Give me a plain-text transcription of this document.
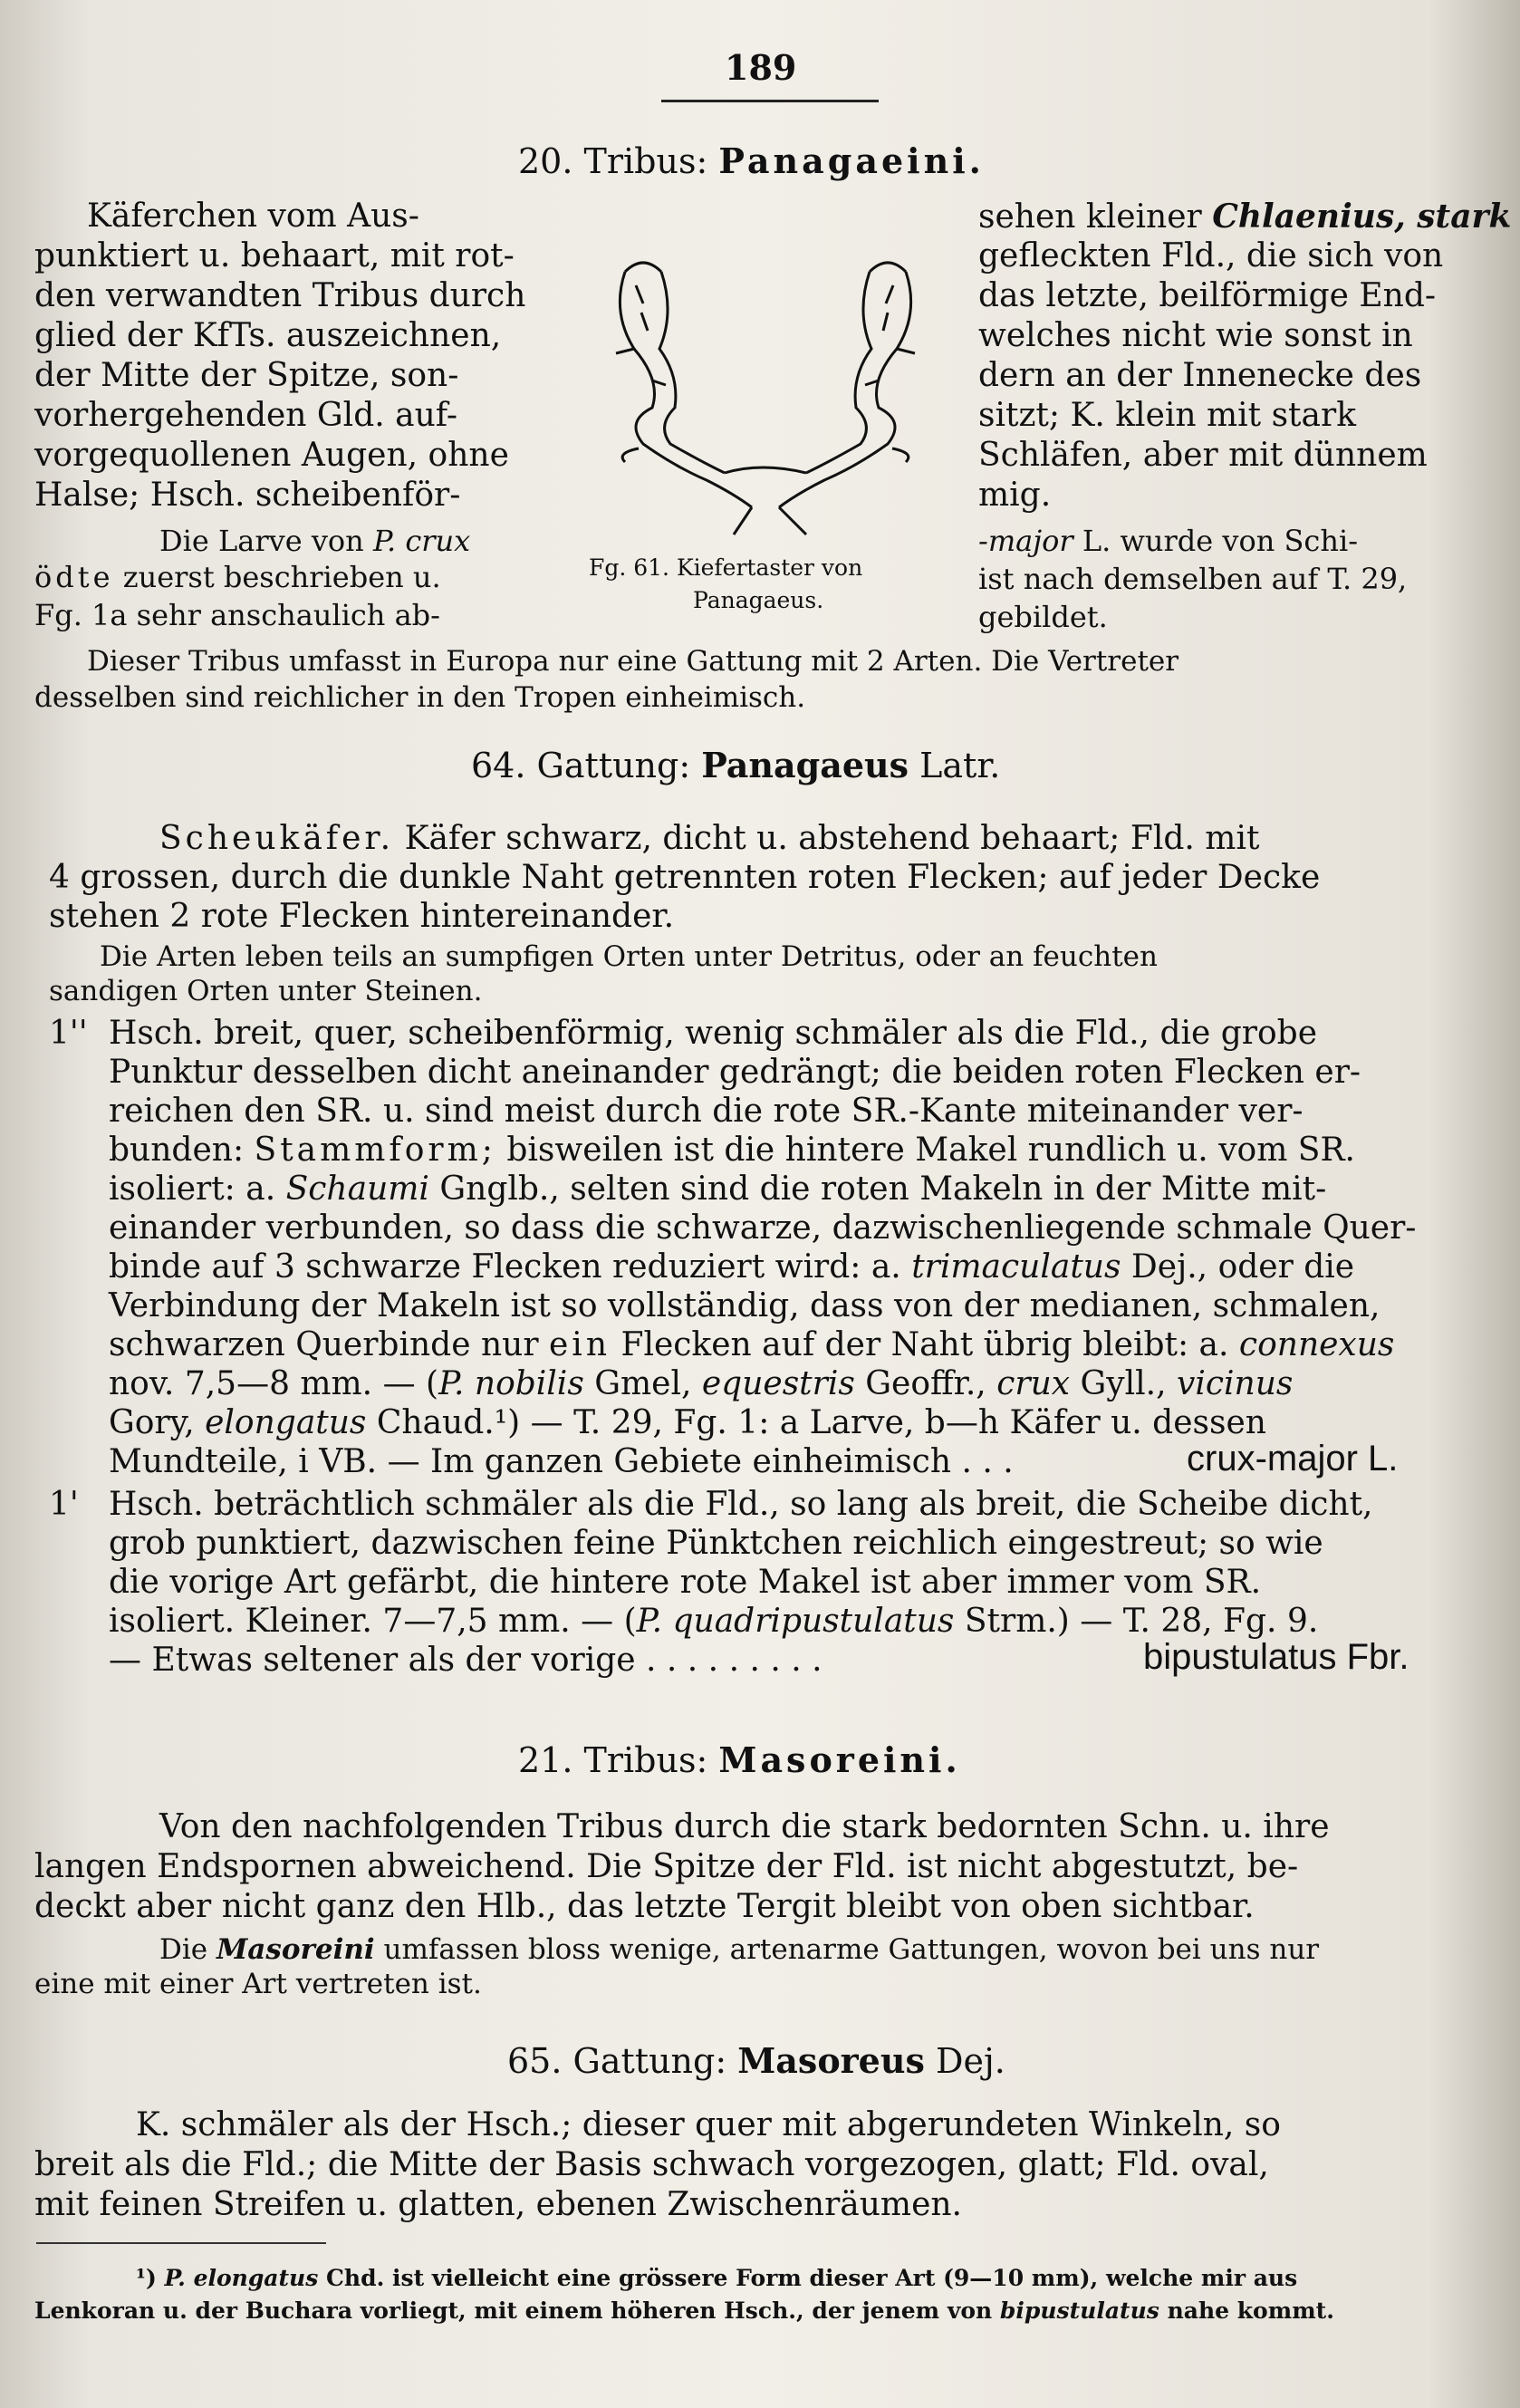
189
20. Tribus: Panagaeini.
Käferchen vom Aus-
punktiert u. behaart, mit rot-
den verwandten Tribus durch
glied der KfTs. auszeichnen,
der Mitte der Spitze, son-
vorhergehenden Gld. auf-
vorgequollenen Augen, ohne
Halse; Hsch. scheibenför-
Die Larve von P. crux
ödte zuerst beschrieben u.
Fg. 1a sehr anschaulich ab-
Fg. 61. Kiefertaster von
Panagaeus.
sehen kleiner Chlaenius, stark
gefleckten Fld., die sich von
das letzte, beilförmige End-
welches nicht wie sonst in
dern an der Innenecke des
sitzt; K. klein mit stark
Schläfen, aber mit dünnem
mig.
-major L. wurde von Schi-
ist nach demselben auf T. 29,
gebildet.
Dieser Tribus umfasst in Europa nur eine Gattung mit 2 Arten. Die Vertreter
desselben sind reichlicher in den Tropen einheimisch.
64. Gattung: Panagaeus Latr.
Scheukäfer. Käfer schwarz, dicht u. abstehend behaart; Fld. mit
4 grossen, durch die dunkle Naht getrennten roten Flecken; auf jeder Decke
stehen 2 rote Flecken hintereinander.
Die Arten leben teils an sumpfigen Orten unter Detritus, oder an feuchten
sandigen Orten unter Steinen.
1'' Hsch. breit, quer, scheibenförmig, wenig schmäler als die Fld., die grobe
Punktur desselben dicht aneinander gedrängt; die beiden roten Flecken er-
reichen den SR. u. sind meist durch die rote SR.-Kante miteinander ver-
bunden: Stammform; bisweilen ist die hintere Makel rundlich u. vom SR.
isoliert: a. Schaumi Gnglb., selten sind die roten Makeln in der Mitte mit-
einander verbunden, so dass die schwarze, dazwischenliegende schmale Quer-
binde auf 3 schwarze Flecken reduziert wird: a. trimaculatus Dej., oder die
Verbindung der Makeln ist so vollständig, dass von der medianen, schmalen,
schwarzen Querbinde nur ein Flecken auf der Naht übrig bleibt: a. connexus
nov. 7,5—8 mm. — (P. nobilis Gmel, equestris Geoffr., crux Gyll., vicinus
Gory, elongatus Chaud.¹) — T. 29, Fg. 1: a Larve, b—h Käfer u. dessen
Mundteile, i VB. — Im ganzen Gebiete einheimisch . . .	crux-major L.
1' Hsch. beträchtlich schmäler als die Fld., so lang als breit, die Scheibe dicht,
grob punktiert, dazwischen feine Pünktchen reichlich eingestreut; so wie
die vorige Art gefärbt, die hintere rote Makel ist aber immer vom SR.
isoliert. Kleiner. 7—7,5 mm. — (P. quadripustulatus Strm.) — T. 28, Fg. 9.
— Etwas seltener als der vorige . . . . . . . . .	bipustulatus Fbr.
21. Tribus: Masoreini.
Von den nachfolgenden Tribus durch die stark bedornten Schn. u. ihre
langen Endspornen abweichend. Die Spitze der Fld. ist nicht abgestutzt, be-
deckt aber nicht ganz den Hlb., das letzte Tergit bleibt von oben sichtbar.
Die Masoreini umfassen bloss wenige, artenarme Gattungen, wovon bei uns nur
eine mit einer Art vertreten ist.
65. Gattung: Masoreus Dej.
K. schmäler als der Hsch.; dieser quer mit abgerundeten Winkeln, so
breit als die Fld.; die Mitte der Basis schwach vorgezogen, glatt; Fld. oval,
mit feinen Streifen u. glatten, ebenen Zwischenräumen.
¹) P. elongatus Chd. ist vielleicht eine grössere Form dieser Art (9—10 mm), welche mir aus
Lenkoran u. der Buchara vorliegt, mit einem höheren Hsch., der jenem von bipustulatus nahe kommt.
